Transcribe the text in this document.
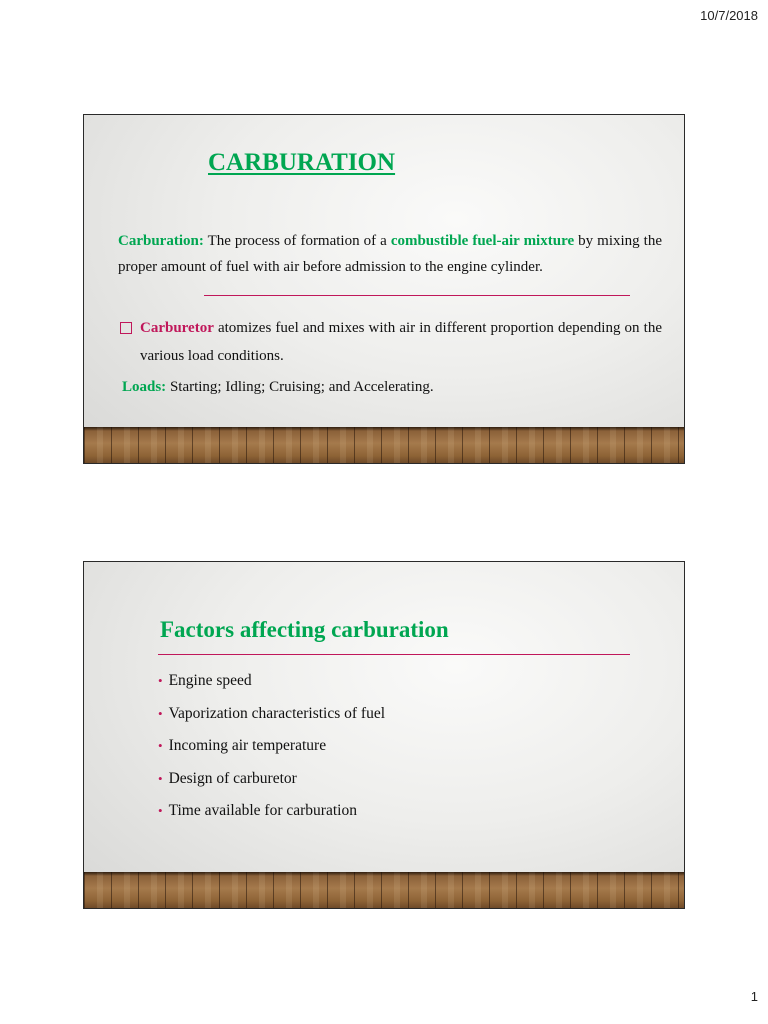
10/7/2018
CARBURATION

Carburation: The process of formation of a combustible fuel-air mixture by mixing the proper amount of fuel with air before admission to the engine cylinder.

Carburetor atomizes fuel and mixes with air in different proportion depending on the various load conditions.

Loads: Starting; Idling; Cruising; and Accelerating.

Factors affecting carburation
• Engine speed
• Vaporization characteristics of fuel
• Incoming air temperature
• Design of carburetor
• Time available for carburation
1
